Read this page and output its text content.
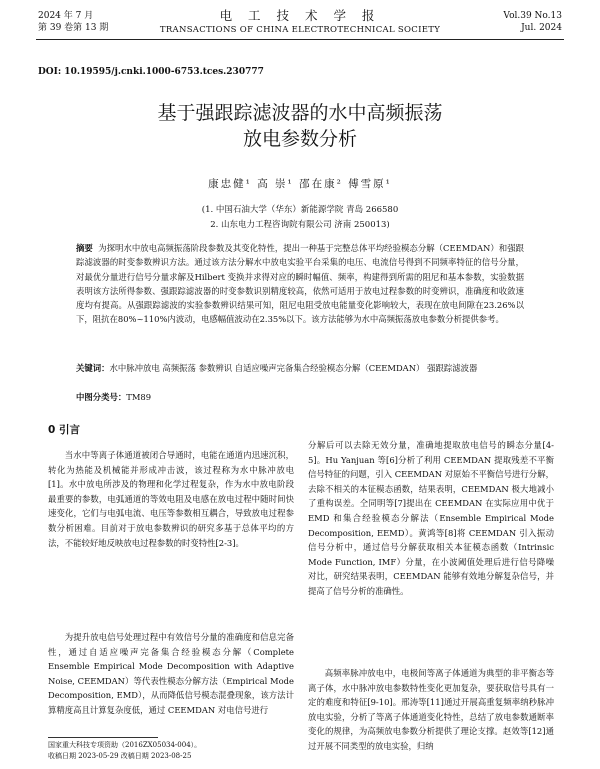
2024 年 7 月
第 39 卷第 13 期
电 工 技 术 学 报
TRANSACTIONS OF CHINA ELECTROTECHNICAL SOCIETY
Vol.39 No.13
Jul. 2024
DOI: 10.19595/j.cnki.1000-6753.tces.230777
基于强跟踪滤波器的水中高频振荡
放电参数分析
康忠健¹ 高 崇¹ 邵在康² 傅雪原¹
(1. 中国石油大学（华东）新能源学院 青岛 266580
2. 山东电力工程咨询院有限公司 济南 250013)
摘要 为探明水中放电高频振荡阶段参数及其变化特性，提出一种基于完整总体平均经验模态分解（CEEMDAN）和强跟踪滤波器的时变参数辨识方法。通过该方法分解水中放电实验平台采集的电压、电流信号得到不同频率特征的信号分量，对最优分量进行信号分量求解及Hilbert 变换并求得对应的瞬时幅值、频率，构建得到所需的阻尼和基本参数，实验数据表明该方法所得参数、强跟踪滤波器的时变参数识别精度较高，依然可适用于放电过程参数的时变辨识，准确度和收敛速度均有提高。从强跟踪滤波的实验参数辨识结果可知，阻尼电阻受放电能量变化影响较大，表现在放电间隙在23.26%以下，阻抗在80%~110%内波动，电感幅值波动在2.35%以下。该方法能够为水中高频振荡放电参数分析提供参考。
关键词：水中脉冲放电 高频振荡 参数辨识 自适应噪声完备集合经验模态分解（CEEMDAN） 强跟踪滤波器
中图分类号：TM89
0 引言

当水中等离子体通道被闭合导通时，电能在通道内迅速沉积，转化为热能及机械能并形成冲击波，该过程称为水中脉冲放电[1]。水中放电所涉及的物理和化学过程复杂，作为水中放电阶段最重要的参数，电弧通道的等效电阻及电感在放电过程中随时间快速变化，它们与电弧电流、电压等参数相互耦合，导致放电过程参数分析困难。目前对于放电参数辨识的研究多基于总体平均的方法，不能较好地反映放电过程参数的时变特性[2-3]。

为提升放电信号处理过程中有效信号分量的准确度和信息完备性，通过自适应噪声完备集合经验模态分解（Complete Ensemble Empirical Mode Decomposition with Adaptive Noise, CEEMDAN）等代表性模态分解方法（Empirical Mode Decomposition, EMD），从而降低信号模态混叠现象，该方法计算精度高且计算复杂度低，通过 CEEMDAN 对电信号进行

分解后可以去除无效分量，准确地提取放电信号的瞬态分量[4-5]。Hu Yanjuan 等[6]分析了利用 CEEMDAN 提取残差不平衡信号特征的问题，引入 CEEMDAN 对原始不平衡信号进行分解，去除不相关的本征模态函数，结果表明，CEEMDAN 极大地减小了重构误差。仝同明等[7]提出在 CEEMDAN 在实际应用中优于 EMD 和集合经验模态分解法（Ensemble Empirical Mode Decomposition, EEMD）。黄鸿等[8]将 CEEMDAN 引入振动信号分析中，通过信号分解获取相关本征模态函数（Intrinsic Mode Function, IMF）分量，在小波阈值处理后进行信号降噪对比，研究结果表明，CEEMDAN 能够有效地分解复杂信号，并提高了信号分析的准确性。

高频率脉冲放电中，电极间等离子体通道为典型的非平衡态等离子体，水中脉冲放电参数特性变化更加复杂，要获取信号具有一定的难度和特征[9-10]。邢涛等[11]通过开展高重复频率纳秒脉冲放电实验，分析了等离子体通道变化特性，总结了放电参数通断率变化的规律，为高频放电参数分析提供了理论支撑。赵效等[12]通过开展不同类型的放电实验，归纳

国家重大科技专项资助（2016ZX05034-004）。
收稿日期 2023-05-29 改稿日期 2023-08-25
